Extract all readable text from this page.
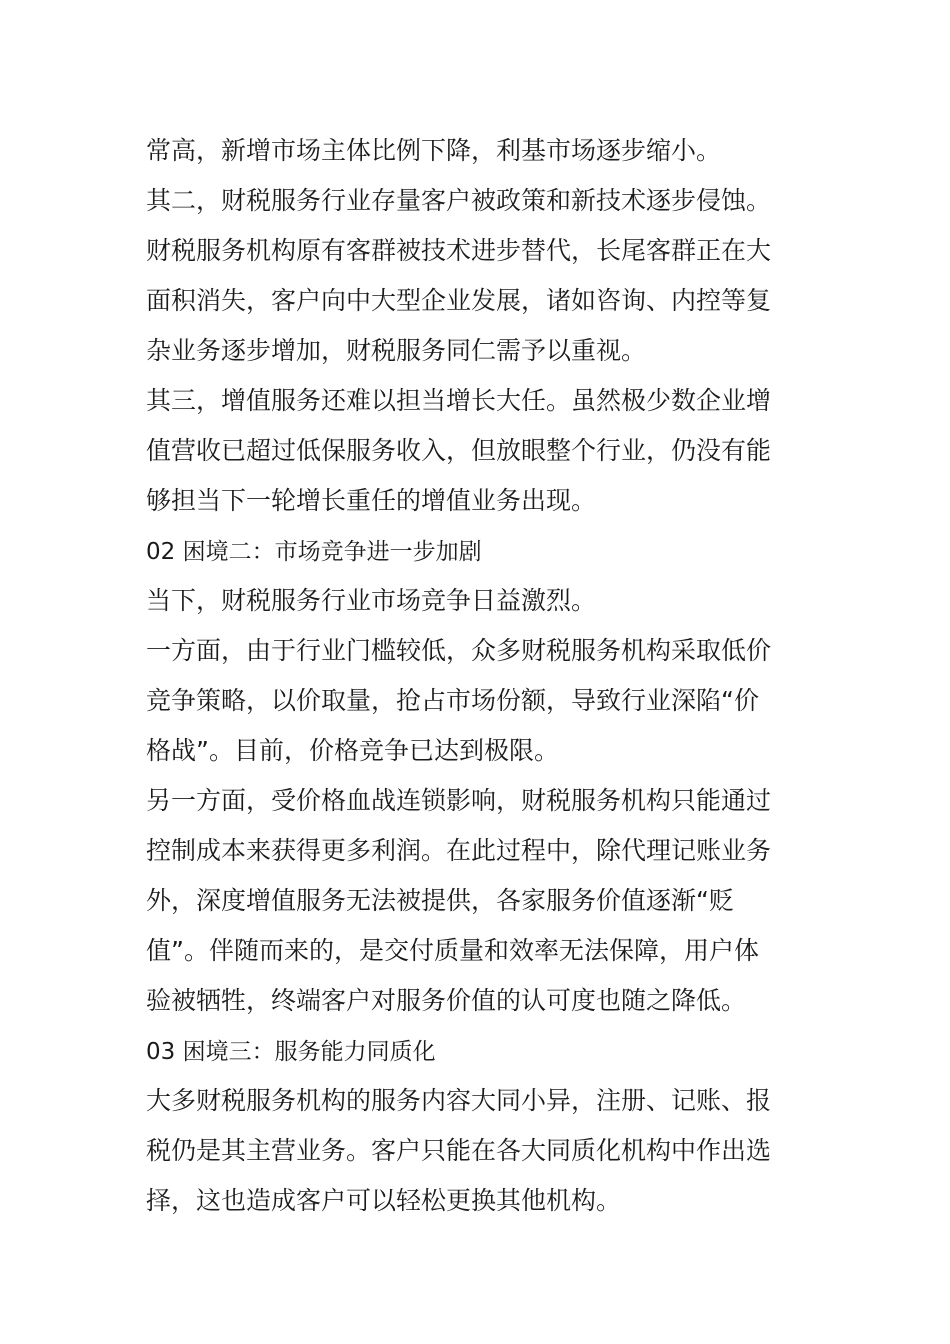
常高，新增市场主体比例下降，利基市场逐步缩小。
其二，财税服务行业存量客户被政策和新技术逐步侵蚀。
财税服务机构原有客群被技术进步替代，长尾客群正在大
面积消失，客户向中大型企业发展，诸如咨询、内控等复
杂业务逐步增加，财税服务同仁需予以重视。
其三，增值服务还难以担当增长大任。虽然极少数企业增
值营收已超过低保服务收入，但放眼整个行业，仍没有能
够担当下一轮增长重任的增值业务出现。
02 困境二：市场竞争进一步加剧
当下，财税服务行业市场竞争日益激烈。
一方面，由于行业门槛较低，众多财税服务机构采取低价
竞争策略，以价取量，抢占市场份额，导致行业深陷“价
格战”。目前，价格竞争已达到极限。
另一方面，受价格血战连锁影响，财税服务机构只能通过
控制成本来获得更多利润。在此过程中，除代理记账业务
外，深度增值服务无法被提供，各家服务价值逐渐“贬
值”。伴随而来的，是交付质量和效率无法保障，用户体
验被牺牲，终端客户对服务价值的认可度也随之降低。
03 困境三：服务能力同质化
大多财税服务机构的服务内容大同小异，注册、记账、报
税仍是其主营业务。客户只能在各大同质化机构中作出选
择，这也造成客户可以轻松更换其他机构。
